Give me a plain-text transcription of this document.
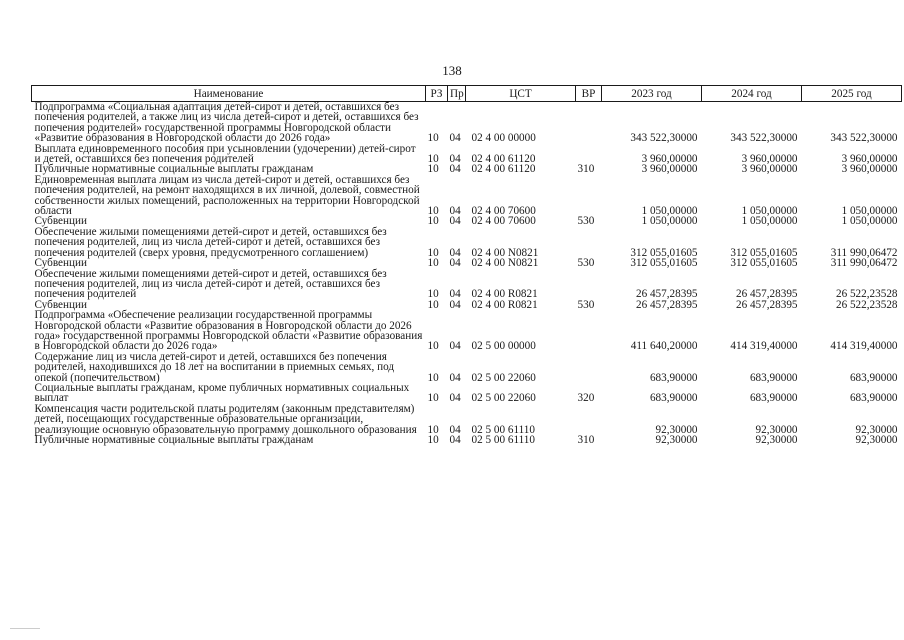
138
Наименование	РЗ	Пр	ЦСТ	ВР	2023 год	2024 год	2025 год
Подпрограмма «Социальная адаптация детей-сирот и детей, оставшихся без попечения родителей, а также лиц из числа детей-сирот и детей, оставшихся без попечения родителей» государственной программы Новгородской области «Развитие образования в Новгородской области до 2026 года»	10	04	02 4 00 00000		343 522,30000	343 522,30000	343 522,30000
Выплата единовременного пособия при усыновлении (удочерении) детей-сирот и детей, оставшихся без попечения родителей	10	04	02 4 00 61120		3 960,00000	3 960,00000	3 960,00000
Публичные нормативные социальные выплаты гражданам	10	04	02 4 00 61120	310	3 960,00000	3 960,00000	3 960,00000
Единовременная выплата лицам из числа детей-сирот и детей, оставшихся без попечения родителей, на ремонт находящихся в их личной, долевой, совместной собственности жилых помещений, расположенных на территории Новгородской области	10	04	02 4 00 70600		1 050,00000	1 050,00000	1 050,00000
Субвенции	10	04	02 4 00 70600	530	1 050,00000	1 050,00000	1 050,00000
Обеспечение жилыми помещениями детей-сирот и детей, оставшихся без попечения родителей, лиц из числа детей-сирот и детей, оставшихся без попечения родителей (сверх уровня, предусмотренного соглашением)	10	04	02 4 00 N0821		312 055,01605	312 055,01605	311 990,06472
Субвенции	10	04	02 4 00 N0821	530	312 055,01605	312 055,01605	311 990,06472
Обеспечение жилыми помещениями детей-сирот и детей, оставшихся без попечения родителей, лиц из числа детей-сирот и детей, оставшихся без попечения родителей	10	04	02 4 00 R0821		26 457,28395	26 457,28395	26 522,23528
Субвенции	10	04	02 4 00 R0821	530	26 457,28395	26 457,28395	26 522,23528
Подпрограмма «Обеспечение реализации государственной программы Новгородской области «Развитие образования в Новгородской области до 2026 года» государственной программы Новгородской области «Развитие образования в Новгородской области до 2026 года»	10	04	02 5 00 00000		411 640,20000	414 319,40000	414 319,40000
Содержание лиц из числа детей-сирот и детей, оставшихся без попечения родителей, находившихся до 18 лет на воспитании в приемных семьях, под опекой (попечительством)	10	04	02 5 00 22060		683,90000	683,90000	683,90000
Социальные выплаты гражданам, кроме публичных нормативных социальных выплат	10	04	02 5 00 22060	320	683,90000	683,90000	683,90000
Компенсация части родительской платы родителям (законным представителям) детей, посещающих государственные образовательные организации, реализующие основную образовательную программу дошкольного образования	10	04	02 5 00 61110		92,30000	92,30000	92,30000
Публичные нормативные социальные выплаты гражданам	10	04	02 5 00 61110	310	92,30000	92,30000	92,30000
